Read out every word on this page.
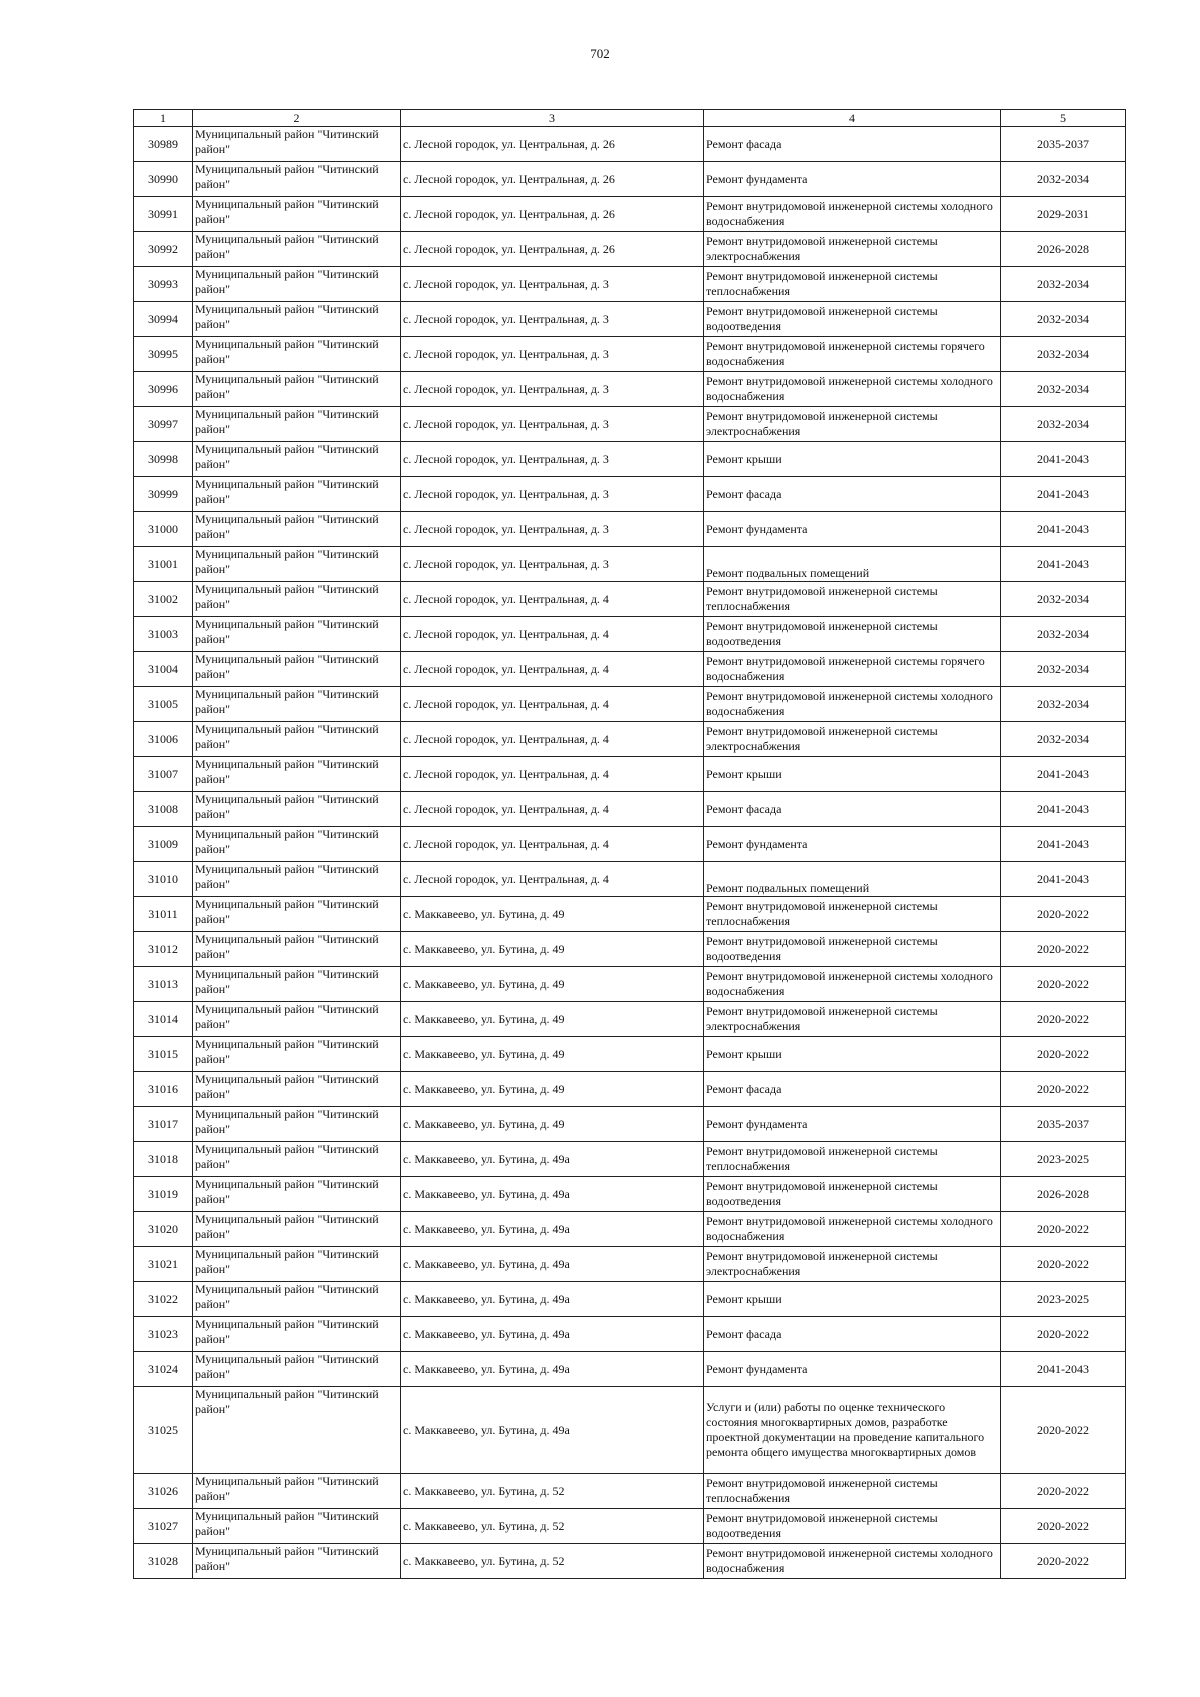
702
1	2	3	4	5
30989	Муниципальный район "Читинский район"	с. Лесной городок, ул. Центральная, д. 26	Ремонт фасада	2035-2037
30990	Муниципальный район "Читинский район"	с. Лесной городок, ул. Центральная, д. 26	Ремонт фундамента	2032-2034
30991	Муниципальный район "Читинский район"	с. Лесной городок, ул. Центральная, д. 26	Ремонт внутридомовой инженерной системы холодного водоснабжения	2029-2031
30992	Муниципальный район "Читинский район"	с. Лесной городок, ул. Центральная, д. 26	Ремонт внутридомовой инженерной системы электроснабжения	2026-2028
30993	Муниципальный район "Читинский район"	с. Лесной городок, ул. Центральная, д. 3	Ремонт внутридомовой инженерной системы теплоснабжения	2032-2034
30994	Муниципальный район "Читинский район"	с. Лесной городок, ул. Центральная, д. 3	Ремонт внутридомовой инженерной системы водоотведения	2032-2034
30995	Муниципальный район "Читинский район"	с. Лесной городок, ул. Центральная, д. 3	Ремонт внутридомовой инженерной системы горячего водоснабжения	2032-2034
30996	Муниципальный район "Читинский район"	с. Лесной городок, ул. Центральная, д. 3	Ремонт внутридомовой инженерной системы холодного водоснабжения	2032-2034
30997	Муниципальный район "Читинский район"	с. Лесной городок, ул. Центральная, д. 3	Ремонт внутридомовой инженерной системы электроснабжения	2032-2034
30998	Муниципальный район "Читинский район"	с. Лесной городок, ул. Центральная, д. 3	Ремонт крыши	2041-2043
30999	Муниципальный район "Читинский район"	с. Лесной городок, ул. Центральная, д. 3	Ремонт фасада	2041-2043
31000	Муниципальный район "Читинский район"	с. Лесной городок, ул. Центральная, д. 3	Ремонт фундамента	2041-2043
31001	Муниципальный район "Читинский район"	с. Лесной городок, ул. Центральная, д. 3	Ремонт подвальных помещений	2041-2043
31002	Муниципальный район "Читинский район"	с. Лесной городок, ул. Центральная, д. 4	Ремонт внутридомовой инженерной системы теплоснабжения	2032-2034
31003	Муниципальный район "Читинский район"	с. Лесной городок, ул. Центральная, д. 4	Ремонт внутридомовой инженерной системы водоотведения	2032-2034
31004	Муниципальный район "Читинский район"	с. Лесной городок, ул. Центральная, д. 4	Ремонт внутридомовой инженерной системы горячего водоснабжения	2032-2034
31005	Муниципальный район "Читинский район"	с. Лесной городок, ул. Центральная, д. 4	Ремонт внутридомовой инженерной системы холодного водоснабжения	2032-2034
31006	Муниципальный район "Читинский район"	с. Лесной городок, ул. Центральная, д. 4	Ремонт внутридомовой инженерной системы электроснабжения	2032-2034
31007	Муниципальный район "Читинский район"	с. Лесной городок, ул. Центральная, д. 4	Ремонт крыши	2041-2043
31008	Муниципальный район "Читинский район"	с. Лесной городок, ул. Центральная, д. 4	Ремонт фасада	2041-2043
31009	Муниципальный район "Читинский район"	с. Лесной городок, ул. Центральная, д. 4	Ремонт фундамента	2041-2043
31010	Муниципальный район "Читинский район"	с. Лесной городок, ул. Центральная, д. 4	Ремонт подвальных помещений	2041-2043
31011	Муниципальный район "Читинский район"	с. Маккавеево, ул. Бутина, д. 49	Ремонт внутридомовой инженерной системы теплоснабжения	2020-2022
31012	Муниципальный район "Читинский район"	с. Маккавеево, ул. Бутина, д. 49	Ремонт внутридомовой инженерной системы водоотведения	2020-2022
31013	Муниципальный район "Читинский район"	с. Маккавеево, ул. Бутина, д. 49	Ремонт внутридомовой инженерной системы холодного водоснабжения	2020-2022
31014	Муниципальный район "Читинский район"	с. Маккавеево, ул. Бутина, д. 49	Ремонт внутридомовой инженерной системы электроснабжения	2020-2022
31015	Муниципальный район "Читинский район"	с. Маккавеево, ул. Бутина, д. 49	Ремонт крыши	2020-2022
31016	Муниципальный район "Читинский район"	с. Маккавеево, ул. Бутина, д. 49	Ремонт фасада	2020-2022
31017	Муниципальный район "Читинский район"	с. Маккавеево, ул. Бутина, д. 49	Ремонт фундамента	2035-2037
31018	Муниципальный район "Читинский район"	с. Маккавеево, ул. Бутина, д. 49а	Ремонт внутридомовой инженерной системы теплоснабжения	2023-2025
31019	Муниципальный район "Читинский район"	с. Маккавеево, ул. Бутина, д. 49а	Ремонт внутридомовой инженерной системы водоотведения	2026-2028
31020	Муниципальный район "Читинский район"	с. Маккавеево, ул. Бутина, д. 49а	Ремонт внутридомовой инженерной системы холодного водоснабжения	2020-2022
31021	Муниципальный район "Читинский район"	с. Маккавеево, ул. Бутина, д. 49а	Ремонт внутридомовой инженерной системы электроснабжения	2020-2022
31022	Муниципальный район "Читинский район"	с. Маккавеево, ул. Бутина, д. 49а	Ремонт крыши	2023-2025
31023	Муниципальный район "Читинский район"	с. Маккавеево, ул. Бутина, д. 49а	Ремонт фасада	2020-2022
31024	Муниципальный район "Читинский район"	с. Маккавеево, ул. Бутина, д. 49а	Ремонт фундамента	2041-2043
31025	Муниципальный район "Читинский район"	с. Маккавеево, ул. Бутина, д. 49а	Услуги и (или) работы по оценке технического состояния многоквартирных домов, разработке проектной документации на проведение капитального ремонта общего имущества многоквартирных домов	2020-2022
31026	Муниципальный район "Читинский район"	с. Маккавеево, ул. Бутина, д. 52	Ремонт внутридомовой инженерной системы теплоснабжения	2020-2022
31027	Муниципальный район "Читинский район"	с. Маккавеево, ул. Бутина, д. 52	Ремонт внутридомовой инженерной системы водоотведения	2020-2022
31028	Муниципальный район "Читинский район"	с. Маккавеево, ул. Бутина, д. 52	Ремонт внутридомовой инженерной системы холодного водоснабжения	2020-2022
